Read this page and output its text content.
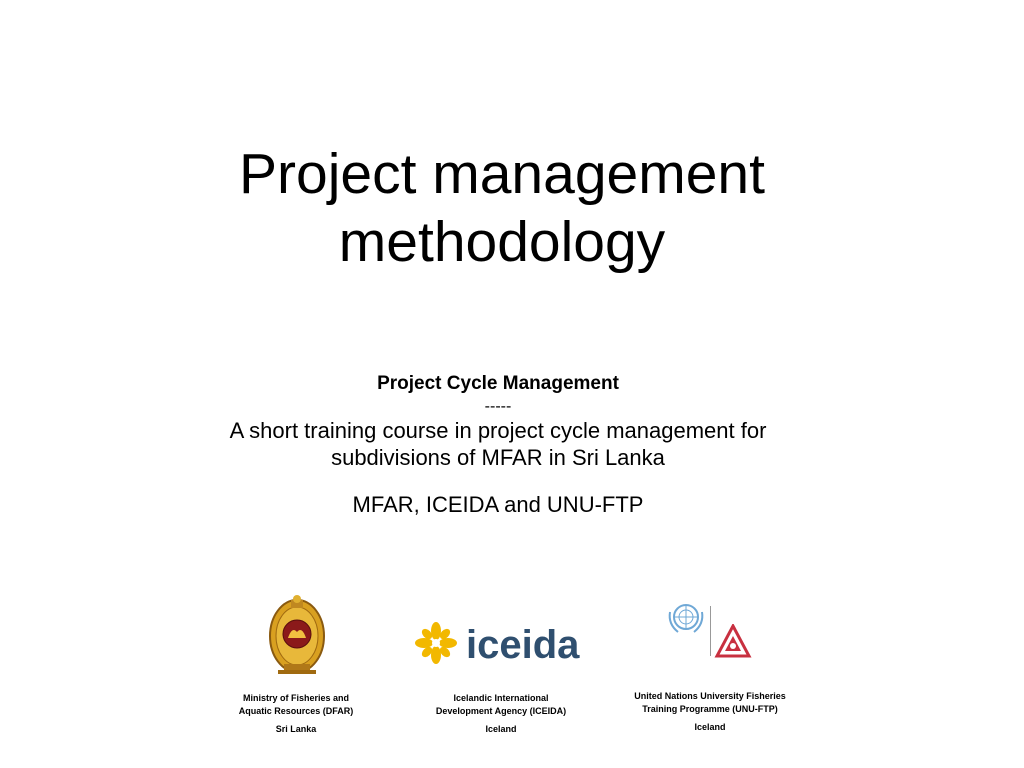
Project management
methodology
Project Cycle Management
-----
A short training course in project cycle management for
subdivisions of MFAR in Sri Lanka
MFAR, ICEIDA and UNU-FTP
iceida
Ministry of Fisheries and
Aquatic Resources (DFAR)
Sri Lanka
Icelandic International
Development Agency (ICEIDA)
Iceland
United Nations University Fisheries
Training Programme (UNU-FTP)
Iceland
